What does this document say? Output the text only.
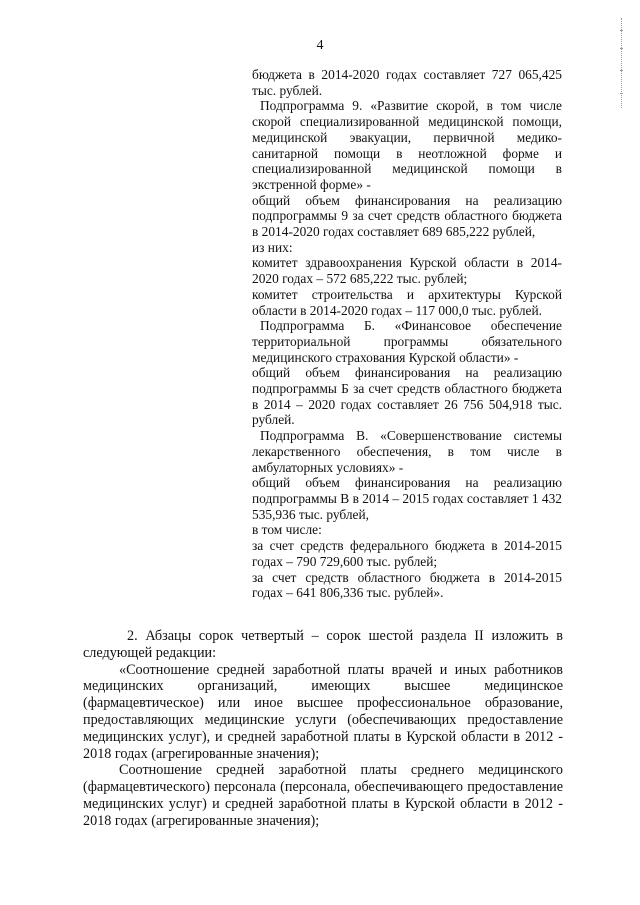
4

бюджета в 2014-2020 годах составляет 727 065,425 тыс. рублей.

Подпрограмма 9. «Развитие скорой, в том числе скорой специализированной медицинской помощи, медицинской эвакуации, первичной медико-санитарной помощи в неотложной форме и специализированной медицинской помощи в экстренной форме» -

общий объем финансирования на реализацию подпрограммы 9 за счет средств областного бюджета в 2014-2020 годах составляет 689 685,222 рублей,

из них:

комитет здравоохранения Курской области в 2014-2020 годах – 572 685,222 тыс. рублей;

комитет строительства и архитектуры Курской области в 2014-2020 годах – 117 000,0 тыс. рублей.

Подпрограмма Б. «Финансовое обеспечение территориальной программы обязательного медицинского страхования Курской области» -

общий объем финансирования на реализацию подпрограммы Б за счет средств областного бюджета в 2014 – 2020 годах составляет 26 756 504,918 тыс. рублей.

Подпрограмма В. «Совершенствование системы лекарственного обеспечения, в том числе в амбулаторных условиях» -

общий объем финансирования на реализацию подпрограммы В в 2014 – 2015 годах составляет 1 432 535,936 тыс. рублей,

в том числе:

за счет средств федерального бюджета в 2014-2015 годах – 790 729,600 тыс. рублей;

за счет средств областного бюджета в 2014-2015 годах – 641 806,336 тыс. рублей».

2. Абзацы сорок четвертый – сорок шестой раздела II изложить в следующей редакции:

«Соотношение средней заработной платы врачей и иных работников медицинских организаций, имеющих высшее медицинское (фармацевтическое) или иное высшее профессиональное образование, предоставляющих медицинские услуги (обеспечивающих предоставление медицинских услуг), и средней заработной платы в Курской области в 2012 - 2018 годах (агрегированные значения);

Соотношение средней заработной платы среднего медицинского (фармацевтического) персонала (персонала, обеспечивающего предоставление медицинских услуг) и средней заработной платы в Курской области в 2012 - 2018 годах (агрегированные значения);
